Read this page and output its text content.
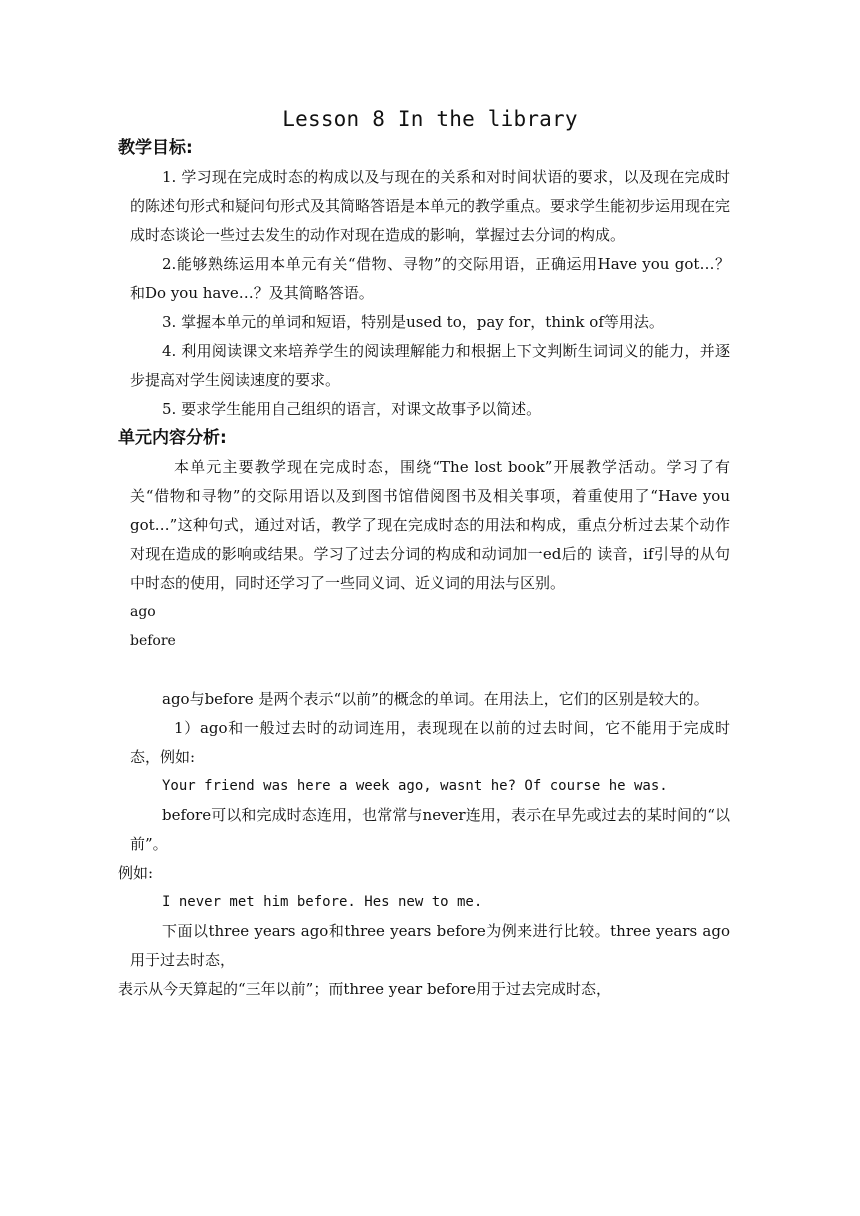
Lesson 8 In the library
教学目标:

1. 学习现在完成时态的构成以及与现在的关系和对时间状语的要求，以及现在完成时 的陈述句形式和疑问句形式及其简略答语是本单元的教学重点。要求学生能初步运用现在完 成时态谈论一些过去发生的动作对现在造成的影响，掌握过去分词的构成。

2.能够熟练运用本单元有关“借物、寻物”的交际用语，正确运用Have you got…？ 和Do you have…？及其简略答语。

3. 掌握本单元的单词和短语，特别是used to，pay for，think of等用法。

4. 利用阅读课文来培养学生的阅读理解能力和根据上下文判断生词词义的能力，并逐 步提高对学生阅读速度的要求。

5. 要求学生能用自己组织的语言，对课文故事予以简述。

单元内容分析:

本单元主要教学现在完成时态，围绕“The lost book”开展教学活动。学习了有关“借物和寻物”的交际用语以及到图书馆借阅图书及相关事项，着重使用了“Have you got…”这种句式，通过对话，教学了现在完成时态的用法和构成，重点分析过去某个动作对现在造成的影响或结果。学习了过去分词的构成和动词加一ed后的 读音，if引导的从句中时态的使用，同时还学习了一些同义词、近义词的用法与区别。

ago

before

ago与before 是两个表示“以前”的概念的单词。在用法上，它们的区别是较大的。

1）ago和一般过去时的动词连用，表现现在以前的过去时间，它不能用于完成时态，例如:

Your friend was here a week ago, wasnt he? Of course he was.

before可以和完成时态连用，也常常与never连用，表示在早先或过去的某时间的“以前”。

例如:

I never met him before. Hes new to me.

下面以three years ago和three years before为例来进行比较。three years ago用于过去时态，

表示从今天算起的“三年以前”；而three year before用于过去完成时态，
